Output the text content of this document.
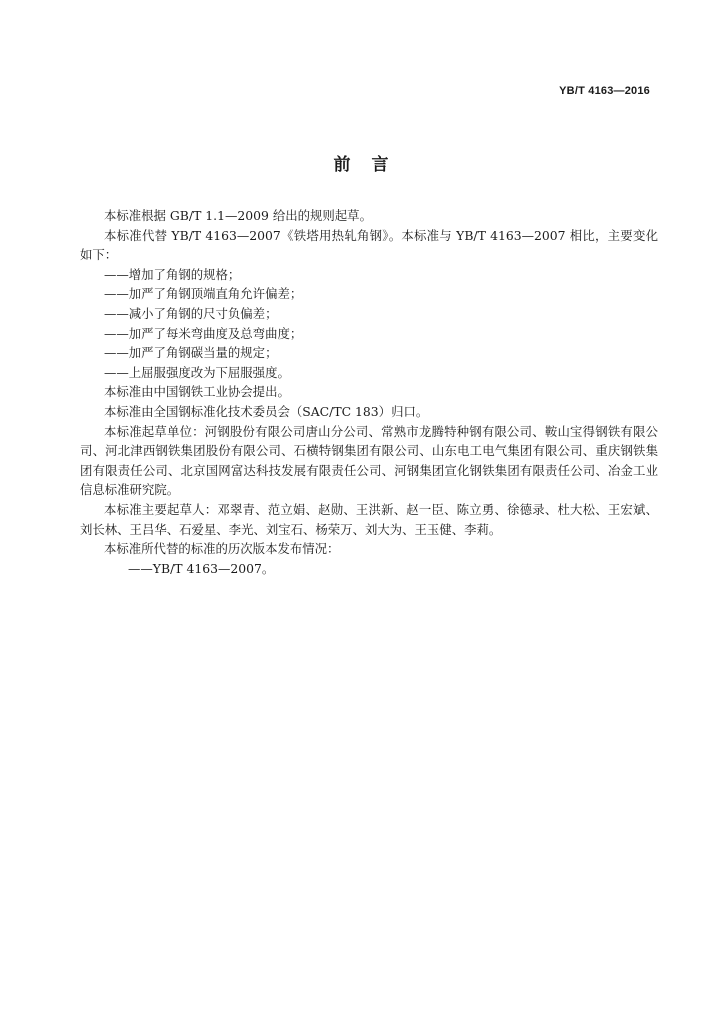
YB/T 4163—2016
前　言

本标准根据 GB/T 1.1—2009 给出的规则起草。

本标准代替 YB/T 4163—2007《铁塔用热轧角钢》。本标准与 YB/T 4163—2007 相比，主要变化如下：

——增加了角钢的规格；

——加严了角钢顶端直角允许偏差；

——减小了角钢的尺寸负偏差；

——加严了每米弯曲度及总弯曲度；

——加严了角钢碳当量的规定；

——上屈服强度改为下屈服强度。

本标准由中国钢铁工业协会提出。

本标准由全国钢标准化技术委员会（SAC/TC 183）归口。

本标准起草单位：河钢股份有限公司唐山分公司、常熟市龙腾特种钢有限公司、鞍山宝得钢铁有限公司、河北津西钢铁集团股份有限公司、石横特钢集团有限公司、山东电工电气集团有限公司、重庆钢铁集团有限责任公司、北京国网富达科技发展有限责任公司、河钢集团宣化钢铁集团有限责任公司、冶金工业信息标准研究院。

本标准主要起草人：邓翠青、范立娟、赵勋、王洪新、赵一臣、陈立勇、徐德录、杜大松、王宏斌、刘长林、王吕华、石爱星、李光、刘宝石、杨荣万、刘大为、王玉健、李莉。

本标准所代替的标准的历次版本发布情况：

——YB/T 4163—2007。
